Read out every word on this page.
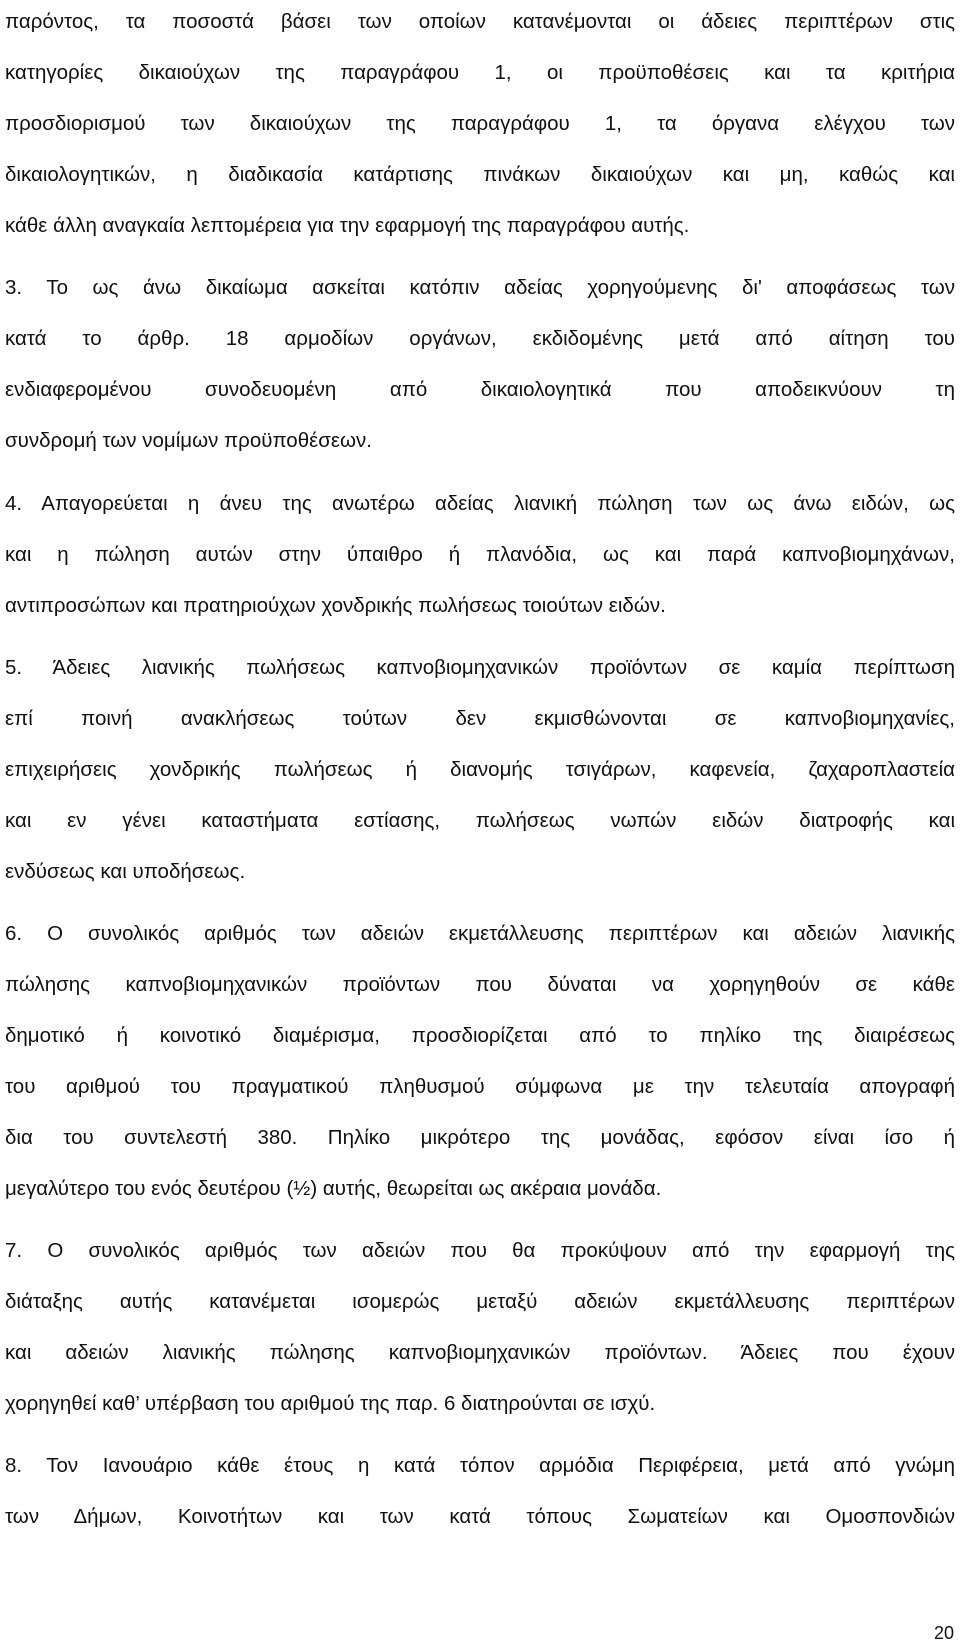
παρόντος, τα ποσοστά βάσει των οποίων κατανέμονται οι άδειες περιπτέρων στις
κατηγορίες δικαιούχων της παραγράφου 1, οι προϋποθέσεις και τα κριτήρια
προσδιορισμού των δικαιούχων της παραγράφου 1, τα όργανα ελέγχου των
δικαιολογητικών, η διαδικασία κατάρτισης πινάκων δικαιούχων και μη, καθώς και
κάθε άλλη αναγκαία λεπτομέρεια για την εφαρμογή της παραγράφου αυτής.
3. Το ως άνω δικαίωμα ασκείται κατόπιν αδείας χορηγούμενης δι' αποφάσεως των
κατά το άρθρ. 18 αρμοδίων οργάνων, εκδιδομένης μετά από αίτηση του
ενδιαφερομένου συνοδευομένη από δικαιολογητικά που αποδεικνύουν τη
συνδρομή των νομίμων προϋποθέσεων.
4. Απαγορεύεται η άνευ της ανωτέρω αδείας λιανική πώληση των ως άνω ειδών, ως
και η πώληση αυτών στην ύπαιθρο ή πλανόδια, ως και παρά καπνοβιομηχάνων,
αντιπροσώπων και πρατηριούχων χονδρικής πωλήσεως τοιούτων ειδών.
5. Άδειες λιανικής πωλήσεως καπνοβιομηχανικών προϊόντων σε καμία περίπτωση
επί ποινή ανακλήσεως τούτων δεν εκμισθώνονται σε καπνοβιομηχανίες,
επιχειρήσεις χονδρικής πωλήσεως ή διανομής τσιγάρων, καφενεία, ζαχαροπλαστεία
και εν γένει καταστήματα εστίασης, πωλήσεως νωπών ειδών διατροφής και
ενδύσεως και υποδήσεως.
6. Ο συνολικός αριθμός των αδειών εκμετάλλευσης περιπτέρων και αδειών λιανικής
πώλησης καπνοβιομηχανικών προϊόντων που δύναται να χορηγηθούν σε κάθε
δημοτικό ή κοινοτικό διαμέρισμα, προσδιορίζεται από το πηλίκο της διαιρέσεως
του αριθμού του πραγματικού πληθυσμού σύμφωνα με την τελευταία απογραφή
δια του συντελεστή 380. Πηλίκο μικρότερο της μονάδας, εφόσον είναι ίσο ή
μεγαλύτερο του ενός δευτέρου (½) αυτής, θεωρείται ως ακέραια μονάδα.
7. Ο συνολικός αριθμός των αδειών που θα προκύψουν από την εφαρμογή της
διάταξης αυτής κατανέμεται ισομερώς μεταξύ αδειών εκμετάλλευσης περιπτέρων
και αδειών λιανικής πώλησης καπνοβιομηχανικών προϊόντων. Άδειες που έχουν
χορηγηθεί καθ’ υπέρβαση του αριθμού της παρ. 6 διατηρούνται σε ισχύ.
8. Τον Ιανουάριο κάθε έτους η κατά τόπον αρμόδια Περιφέρεια, μετά από γνώμη
των Δήμων, Κοινοτήτων και των κατά τόπους Σωματείων και Ομοσπονδιών
20
